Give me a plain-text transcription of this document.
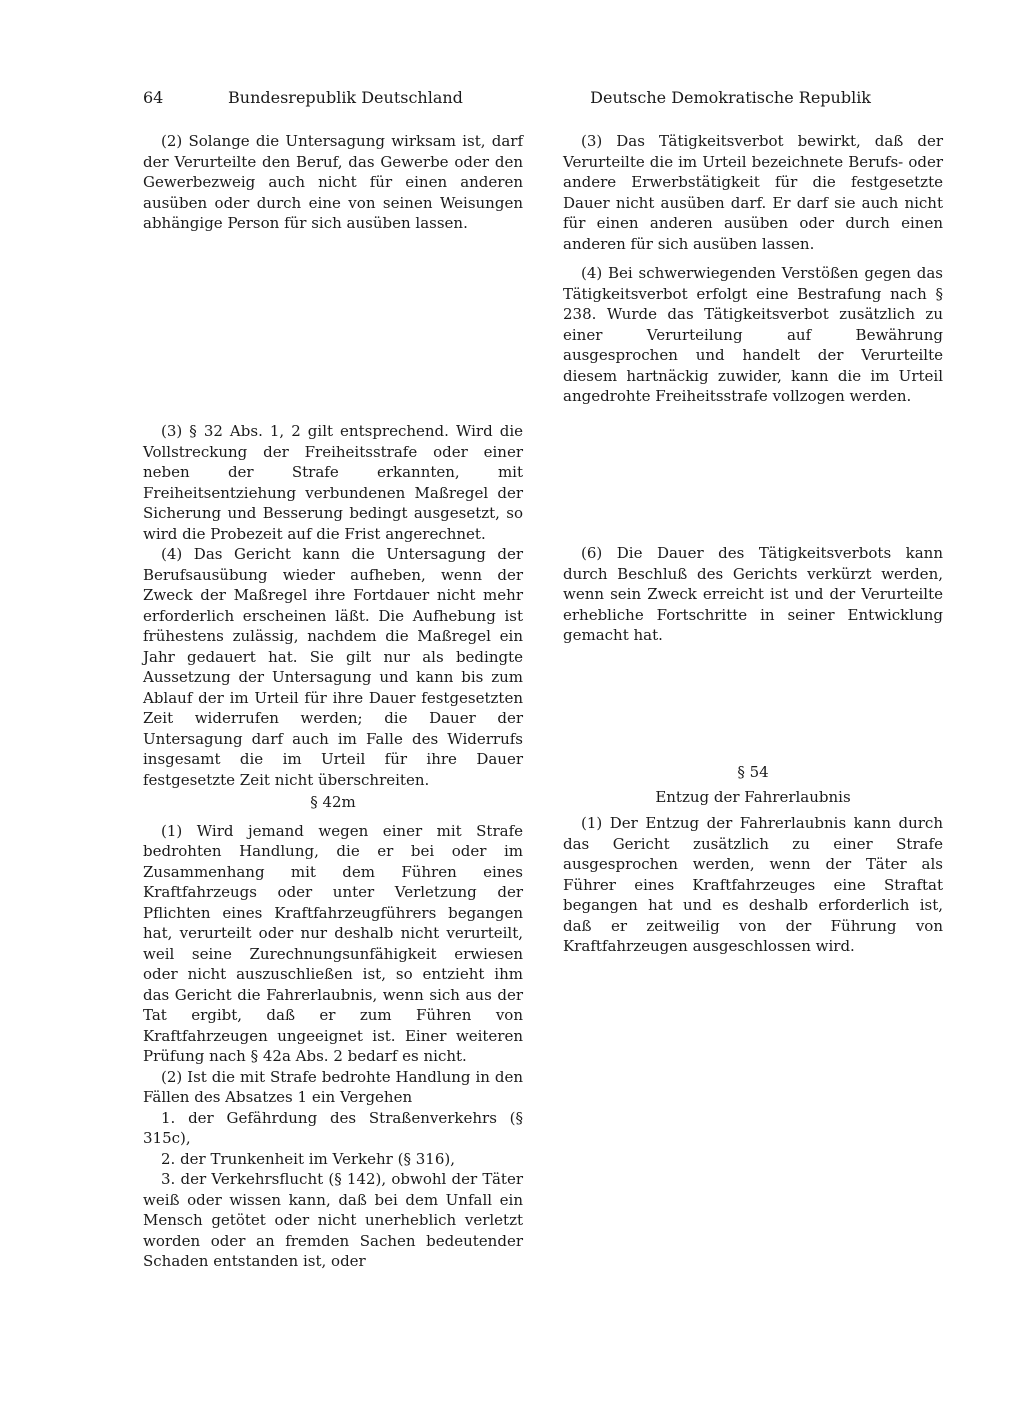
64	Bundesrepublik Deutschland	Deutsche Demokratische Republik

(2) Solange die Untersagung wirksam ist, darf der Verurteilte den Beruf, das Gewerbe oder den Gewerbezweig auch nicht für einen anderen ausüben oder durch eine von seinen Weisungen abhängige Person für sich ausüben lassen.

(3) § 32 Abs. 1, 2 gilt entsprechend. Wird die Vollstreckung der Freiheitsstrafe oder einer neben der Strafe erkannten, mit Freiheitsentziehung verbundenen Maßregel der Sicherung und Besserung bedingt ausgesetzt, so wird die Probezeit auf die Frist angerechnet.

(4) Das Gericht kann die Untersagung der Berufsausübung wieder aufheben, wenn der Zweck der Maßregel ihre Fortdauer nicht mehr erforderlich erscheinen läßt. Die Aufhebung ist frühestens zulässig, nachdem die Maßregel ein Jahr gedauert hat. Sie gilt nur als bedingte Aussetzung der Untersagung und kann bis zum Ablauf der im Urteil für ihre Dauer festgesetzten Zeit widerrufen werden; die Dauer der Untersagung darf auch im Falle des Widerrufs insgesamt die im Urteil für ihre Dauer festgesetzte Zeit nicht überschreiten.

§ 42m

(1) Wird jemand wegen einer mit Strafe bedrohten Handlung, die er bei oder im Zusammenhang mit dem Führen eines Kraftfahrzeugs oder unter Verletzung der Pflichten eines Kraftfahrzeugführers begangen hat, verurteilt oder nur deshalb nicht verurteilt, weil seine Zurechnungsunfähigkeit erwiesen oder nicht auszuschließen ist, so entzieht ihm das Gericht die Fahrerlaubnis, wenn sich aus der Tat ergibt, daß er zum Führen von Kraftfahrzeugen ungeeignet ist. Einer weiteren Prüfung nach § 42a Abs. 2 bedarf es nicht.

(2) Ist die mit Strafe bedrohte Handlung in den Fällen des Absatzes 1 ein Vergehen

1. der Gefährdung des Straßenverkehrs (§ 315c),

2. der Trunkenheit im Verkehr (§ 316),

3. der Verkehrsflucht (§ 142), obwohl der Täter weiß oder wissen kann, daß bei dem Unfall ein Mensch getötet oder nicht unerheblich verletzt worden oder an fremden Sachen bedeutender Schaden entstanden ist, oder

(3) Das Tätigkeitsverbot bewirkt, daß der Verurteilte die im Urteil bezeichnete Berufs- oder andere Erwerbstätigkeit für die festgesetzte Dauer nicht ausüben darf. Er darf sie auch nicht für einen anderen ausüben oder durch einen anderen für sich ausüben lassen.

(4) Bei schwerwiegenden Verstößen gegen das Tätigkeitsverbot erfolgt eine Bestrafung nach § 238. Wurde das Tätigkeitsverbot zusätzlich zu einer Verurteilung auf Bewährung ausgesprochen und handelt der Verurteilte diesem hartnäckig zuwider, kann die im Urteil angedrohte Freiheitsstrafe vollzogen werden.

(6) Die Dauer des Tätigkeitsverbots kann durch Beschluß des Gerichts verkürzt werden, wenn sein Zweck erreicht ist und der Verurteilte erhebliche Fortschritte in seiner Entwicklung gemacht hat.

§ 54

Entzug der Fahrerlaubnis

(1) Der Entzug der Fahrerlaubnis kann durch das Gericht zusätzlich zu einer Strafe ausgesprochen werden, wenn der Täter als Führer eines Kraftfahrzeuges eine Straftat begangen hat und es deshalb erforderlich ist, daß er zeitweilig von der Führung von Kraftfahrzeugen ausgeschlossen wird.
